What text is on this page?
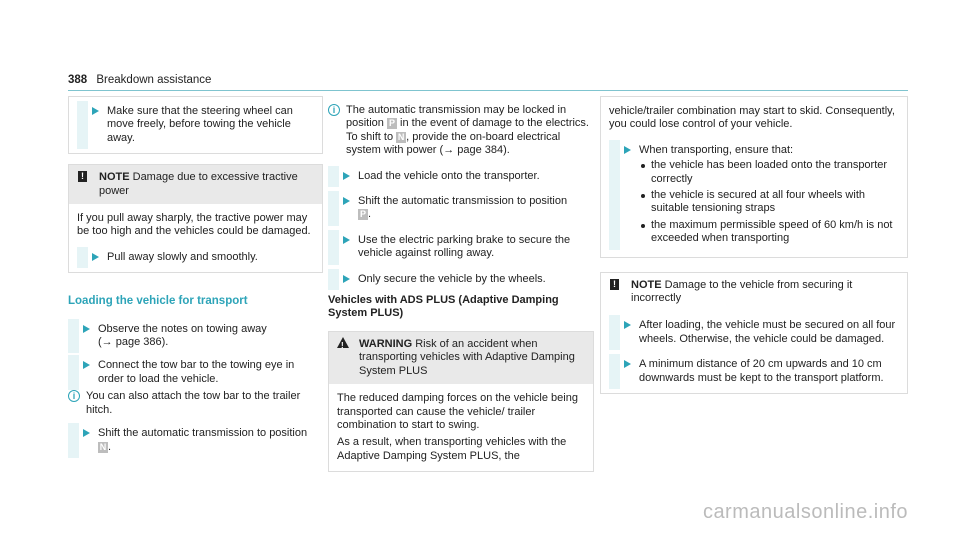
388 Breakdown assistance

Make sure that the steering wheel can move freely, before towing the vehicle away.

! NOTE Damage due to excessive tractive power

If you pull away sharply, the tractive power may be too high and the vehicles could be damaged.

Pull away slowly and smoothly.

Loading the vehicle for transport

Observe the notes on towing away
(→ page 386).

Connect the tow bar to the towing eye in order to load the vehicle.

i You can also attach the tow bar to the trailer hitch.

Shift the automatic transmission to position
N .

i The automatic transmission may be locked in position P in the event of damage to the electrics. To shift to N , provide the on-board electrical system with power (→ page 384).

Load the vehicle onto the transporter.

Shift the automatic transmission to position
P .

Use the electric parking brake to secure the vehicle against rolling away.

Only secure the vehicle by the wheels.

Vehicles with ADS PLUS (Adaptive Damping System PLUS)

! WARNING Risk of an accident when transporting vehicles with Adaptive Damping System PLUS

The reduced damping forces on the vehicle being transported can cause the vehicle/ trailer combination to start to swing.

As a result, when transporting vehicles with the Adaptive Damping System PLUS, the

vehicle/trailer combination may start to skid. Consequently, you could lose control of your vehicle.

When transporting, ensure that:

the vehicle has been loaded onto the transporter correctly
the vehicle is secured at all four wheels with suitable tensioning straps
the maximum permissible speed of 60 km/h is not exceeded when transporting
! NOTE Damage to the vehicle from securing it incorrectly

After loading, the vehicle must be secured on all four wheels. Otherwise, the vehicle could be damaged.

A minimum distance of 20 cm upwards and 10 cm downwards must be kept to the transport platform.

carmanualsonline.info
